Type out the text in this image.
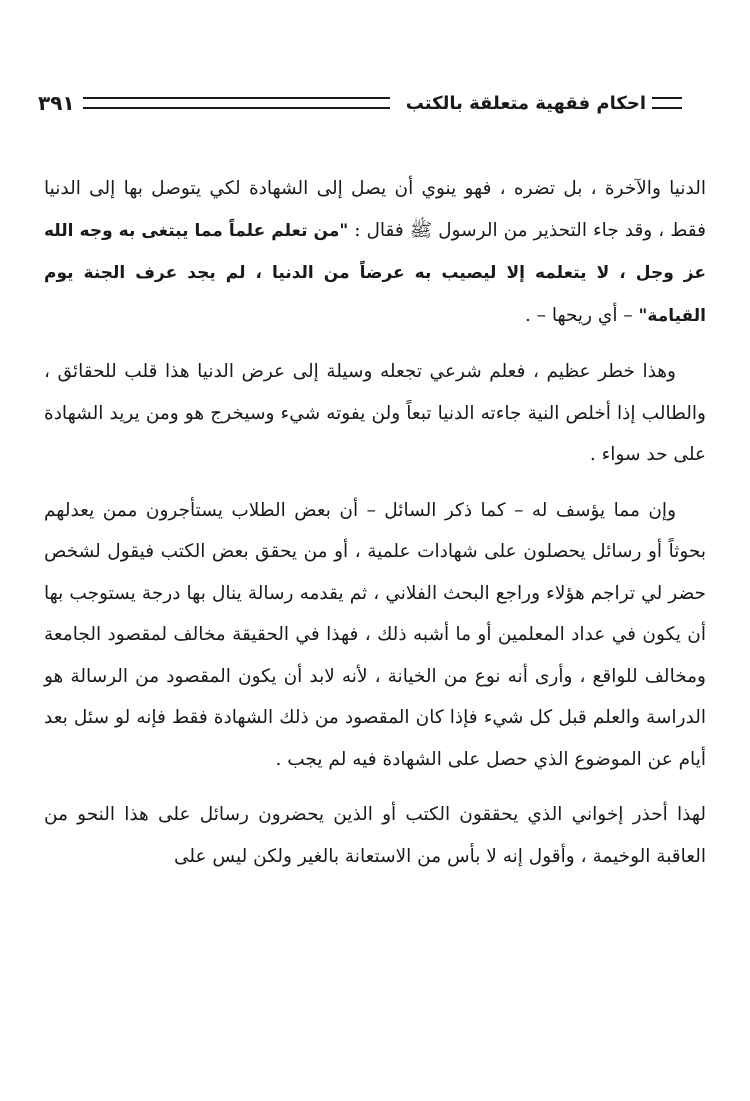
احكام فقهية متعلقة بالكتب
٣٩١

الدنيا والآخرة ، بل تضره ، فهو ينوي أن يصل إلى الشهادة لكي يتوصل بها إلى الدنيا فقط ، وقد جاء التحذير من الرسول ﷺ فقال : "من تعلم علماً مما يبتغى به وجه الله عز وجل ، لا يتعلمه إلا ليصيب به عرضاً من الدنيا ، لم يجد عرف الجنة يوم القيامة" – أي ريحها – .

وهذا خطر عظيم ، فعلم شرعي تجعله وسيلة إلى عرض الدنيا هذا قلب للحقائق ، والطالب إذا أخلص النية جاءته الدنيا تبعاً ولن يفوته شيء وسيخرج هو ومن يريد الشهادة على حد سواء .

وإن مما يؤسف له – كما ذكر السائل – أن بعض الطلاب يستأجرون ممن يعدلهم بحوثاً أو رسائل يحصلون على شهادات علمية ، أو من يحقق بعض الكتب فيقول لشخص حضر لي تراجم هؤلاء وراجع البحث الفلاني ، ثم يقدمه رسالة ينال بها درجة يستوجب بها أن يكون في عداد المعلمين أو ما أشبه ذلك ، فهذا في الحقيقة مخالف لمقصود الجامعة ومخالف للواقع ، وأرى أنه نوع من الخيانة ، لأنه لابد أن يكون المقصود من الرسالة هو الدراسة والعلم قبل كل شيء فإذا كان المقصود من ذلك الشهادة فقط فإنه لو سئل بعد أيام عن الموضوع الذي حصل على الشهادة فيه لم يجب .

لهذا أحذر إخواني الذي يحققون الكتب أو الذين يحضرون رسائل على هذا النحو من العاقبة الوخيمة ، وأقول إنه لا بأس من الاستعانة بالغير ولكن ليس على
